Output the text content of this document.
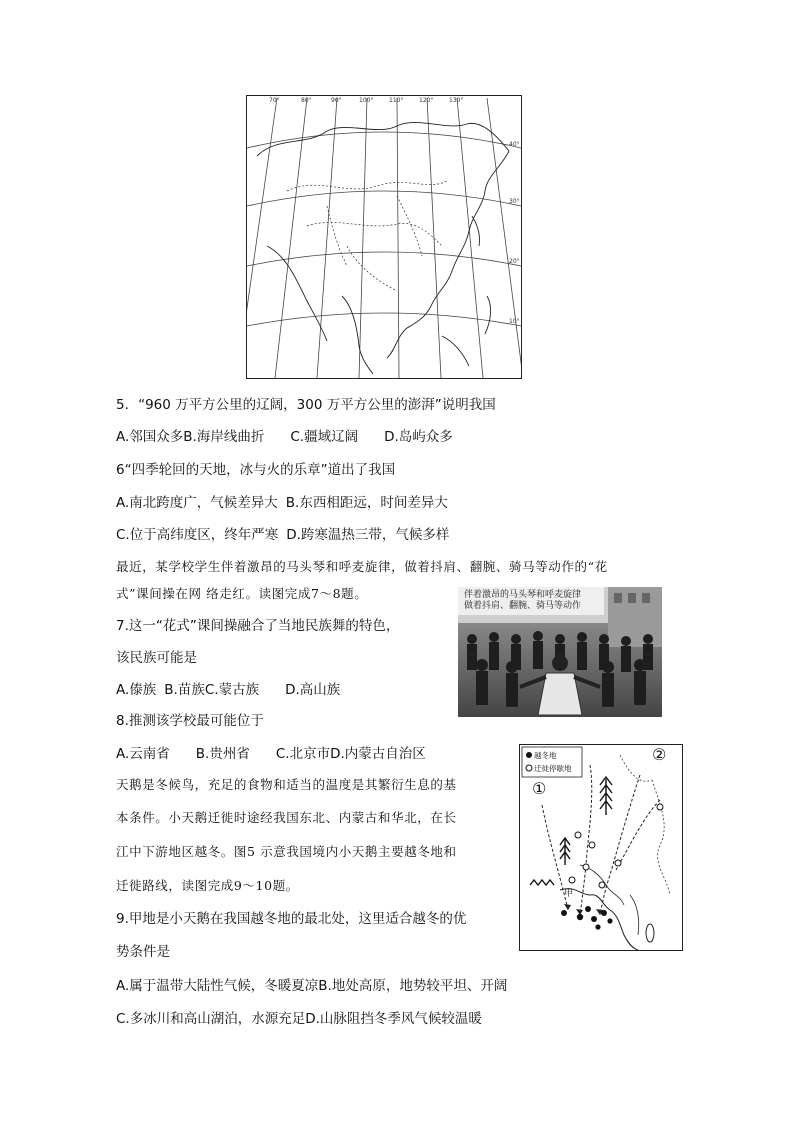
70°	80°	90°	100°	110°	120°	130°
40°
30°
20°
10°
5．“960 万平方公里的辽阔，300 万平方公里的澎湃”说明我国
A.邻国众多B.海岸线曲折 C.疆域辽阔 D.岛屿众多
6“四季轮回的天地，冰与火的乐章”道出了我国
A.南北跨度广，气候差异大 B.东西相距远，时间差异大
C.位于高纬度区，终年严寒 D.跨寒温热三带，气候多样
最近，某学校学生伴着激昂的马头琴和呼麦旋律，做着抖肩、翻腕、骑马等动作的“花
式”课间操在网 络走红。读图完成7～8题。	伴着激昂的马头琴和呼麦旋律
做着抖肩、翻腕、骑马等动作
7.这一“花式”课间操融合了当地民族舞的特色，
该民族可能是
A.傣族 B.苗族C.蒙古族 D.高山族
8.推测该学校最可能位于
A.云南省 B.贵州省 C.北京市D.内蒙古自治区
天鹅是冬候鸟，充足的食物和适当的温度是其繁衍生息的基
本条件。小天鹅迁徙时途经我国东北、内蒙古和华北，在长
江中下游地区越冬。图5 示意我国境内小天鹅主要越冬地和
迁徙路线，读图完成9～10题。
越冬地
迁徙停歇地
①
②
甲
9.甲地是小天鹅在我国越冬地的最北处，这里适合越冬的优
势条件是
A.属于温带大陆性气候，冬暖夏凉B.地处高原，地势较平坦、开阔
C.多冰川和高山湖泊，水源充足D.山脉阻挡冬季风气候较温暖
